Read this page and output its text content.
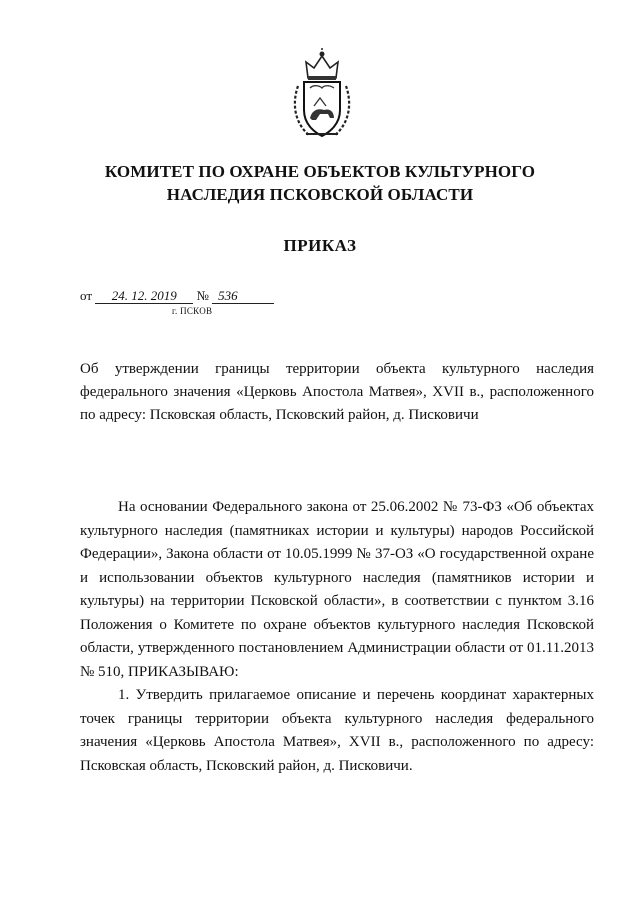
КОМИТЕТ ПО ОХРАНЕ ОБЪЕКТОВ КУЛЬТУРНОГО
НАСЛЕДИЯ ПСКОВСКОЙ ОБЛАСТИ
ПРИКАЗ
от 24. 12. 2019 № 536
г. ПСКОВ
Об утверждении границы территории объекта культурного наследия федерального значения «Церковь Апостола Матвея», XVII в., расположенного по адресу: Псковская область, Псковский район, д. Писковичи

На основании Федерального закона от 25.06.2002 № 73-ФЗ «Об объектах культурного наследия (памятниках истории и культуры) народов Российской Федерации», Закона области от 10.05.1999 № 37-ОЗ «О государственной охране и использовании объектов культурного наследия (памятников истории и культуры) на территории Псковской области», в соответствии с пунктом 3.16 Положения о Комитете по охране объектов культурного наследия Псковской области, утвержденного постановлением Администрации области от 01.11.2013 № 510, ПРИКАЗЫВАЮ:

1. Утвердить прилагаемое описание и перечень координат характерных точек границы территории объекта культурного наследия федерального значения «Церковь Апостола Матвея», XVII в., расположенного по адресу: Псковская область, Псковский район, д. Писковичи.
